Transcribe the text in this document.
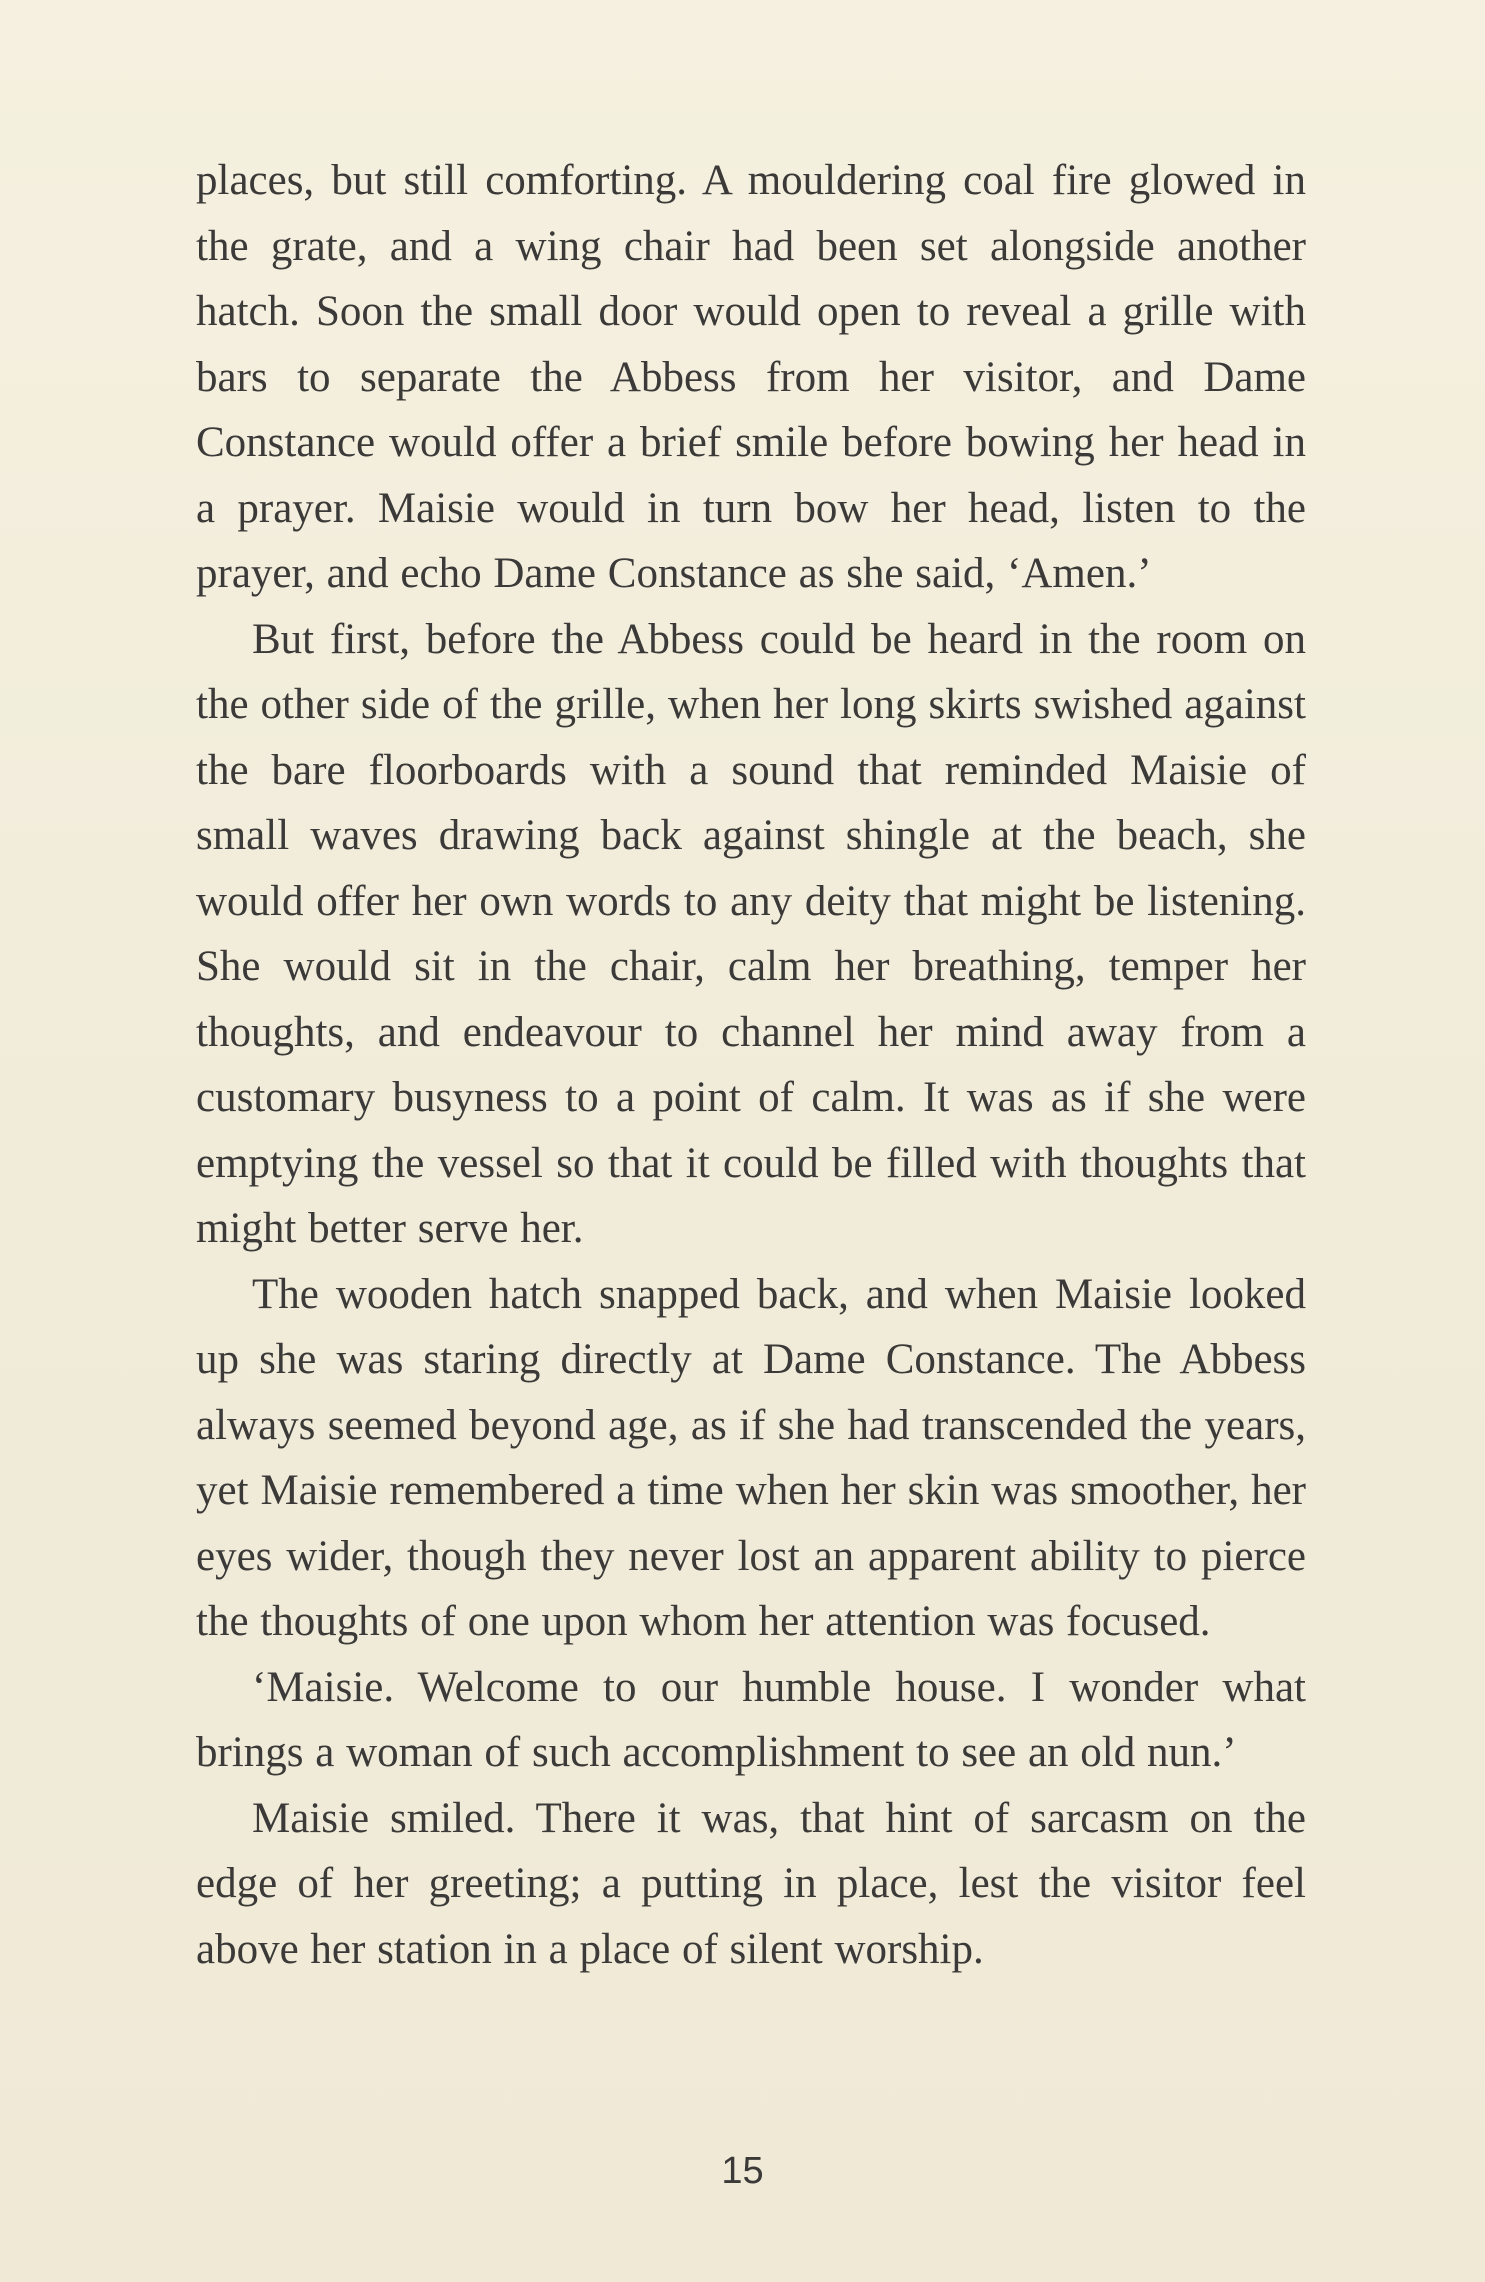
places, but still comforting. A mouldering coal fire glowed in the grate, and a wing chair had been set alongside another hatch. Soon the small door would open to reveal a grille with bars to separate the Abbess from her visitor, and Dame Constance would offer a brief smile before bowing her head in a prayer. Maisie would in turn bow her head, listen to the prayer, and echo Dame Constance as she said, ‘Amen.’

But first, before the Abbess could be heard in the room on the other side of the grille, when her long skirts swished against the bare floorboards with a sound that reminded Maisie of small waves drawing back against shingle at the beach, she would offer her own words to any deity that might be listening. She would sit in the chair, calm her breathing, temper her thoughts, and endeavour to channel her mind away from a customary busyness to a point of calm. It was as if she were emptying the vessel so that it could be filled with thoughts that might better serve her.

The wooden hatch snapped back, and when Maisie looked up she was staring directly at Dame Constance. The Abbess always seemed beyond age, as if she had transcended the years, yet Maisie remembered a time when her skin was smoother, her eyes wider, though they never lost an apparent ability to pierce the thoughts of one upon whom her attention was focused.

‘Maisie. Welcome to our humble house. I wonder what brings a woman of such accomplishment to see an old nun.’

Maisie smiled. There it was, that hint of sarcasm on the edge of her greeting; a putting in place, lest the visitor feel above her station in a place of silent worship.

15
